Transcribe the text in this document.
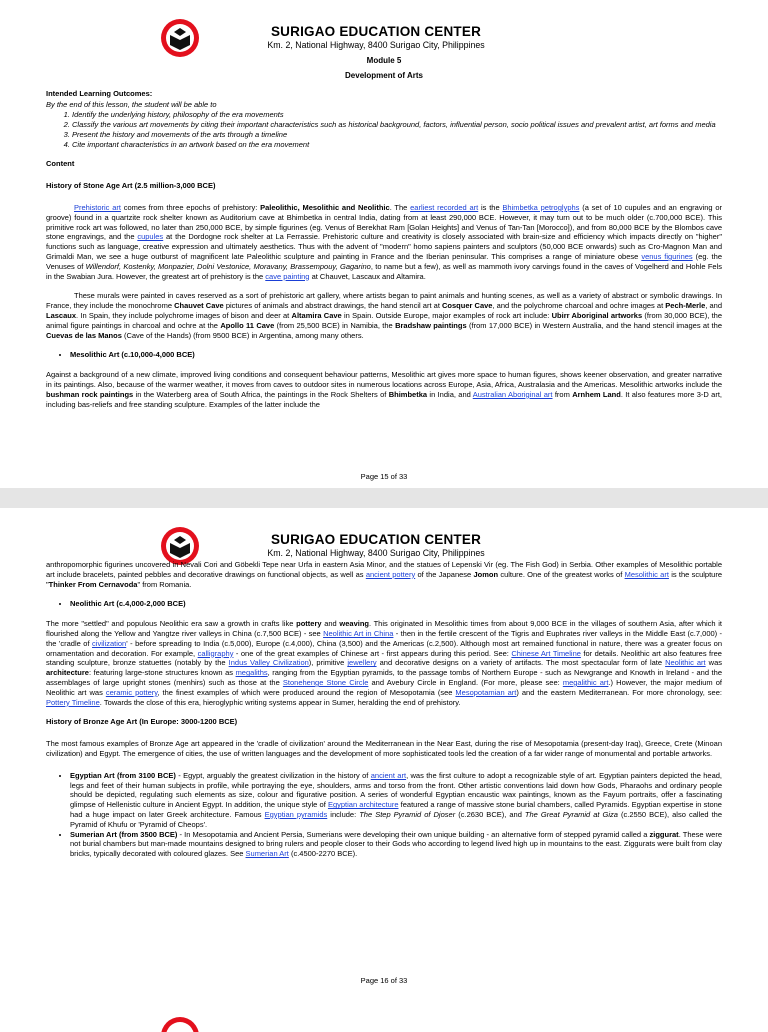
SURIGAO EDUCATION CENTER
Km. 2, National Highway, 8400 Surigao City, Philippines

Module 5

Development of Arts

Intended Learning Outcomes:

By the end of this lesson, the student will be able to

1. Identify the underlying history, philosophy of the era movements
2. Classify the various art movements by citing their important characteristics such as historical background, factors, influential person, socio political issues and prevalent artist, art forms and media
3. Present the history and movements of the arts through a timeline
4. Cite important characteristics in an artwork based on the era movement

Content

History of Stone Age Art (2.5 million-3,000 BCE)

Prehistoric art comes from three epochs of prehistory: Paleolithic, Mesolithic and Neolithic. The earliest recorded art is the Bhimbetka petroglyphs (a set of 10 cupules and an engraving or groove) found in a quartzite rock shelter known as Auditorium cave at Bhimbetka in central India, dating from at least 290,000 BCE. However, it may turn out to be much older (c.700,000 BCE). This primitive rock art was followed, no later than 250,000 BCE, by simple figurines (eg. Venus of Berekhat Ram [Golan Heights] and Venus of Tan-Tan [Morocco]), and from 80,000 BCE by the Blombos cave stone engravings, and the cupules at the Dordogne rock shelter at La Ferrassie. Prehistoric culture and creativity is closely associated with brain-size and efficiency which impacts directly on "higher" functions such as language, creative expression and ultimately aesthetics. Thus with the advent of "modern" homo sapiens painters and sculptors (50,000 BCE onwards) such as Cro-Magnon Man and Grimaldi Man, we see a huge outburst of magnificent late Paleolithic sculpture and painting in France and the Iberian peninsular. This comprises a range of miniature obese venus figurines (eg. the Venuses of Willendorf, Kostenky, Monpazier, Dolni Vestonice, Moravany, Brassempouy, Gagarino, to name but a few), as well as mammoth ivory carvings found in the caves of Vogelherd and Hohle Fels in the Swabian Jura. However, the greatest art of prehistory is the cave painting at Chauvet, Lascaux and Altamira.

These murals were painted in caves reserved as a sort of prehistoric art gallery, where artists began to paint animals and hunting scenes, as well as a variety of abstract or symbolic drawings. In France, they include the monochrome Chauvet Cave pictures of animals and abstract drawings, the hand stencil art at Cosquer Cave, and the polychrome charcoal and ochre images at Pech-Merle, and Lascaux. In Spain, they include polychrome images of bison and deer at Altamira Cave in Spain. Outside Europe, major examples of rock art include: Ubirr Aboriginal artworks (from 30,000 BCE), the animal figure paintings in charcoal and ochre at the Apollo 11 Cave (from 25,500 BCE) in Namibia, the Bradshaw paintings (from 17,000 BCE) in Western Australia, and the hand stencil images at the Cuevas de las Manos (Cave of the Hands) (from 9500 BCE) in Argentina, among many others.

• Mesolithic Art (c.10,000-4,000 BCE)

Against a background of a new climate, improved living conditions and consequent behaviour patterns, Mesolithic art gives more space to human figures, shows keener observation, and greater narrative in its paintings. Also, because of the warmer weather, it moves from caves to outdoor sites in numerous locations across Europe, Asia, Africa, Australasia and the Americas. Mesolithic artworks include the bushman rock paintings in the Waterberg area of South Africa, the paintings in the Rock Shelters of Bhimbetka in India, and Australian Aboriginal art from Arnhem Land. It also features more 3-D art, including bas-reliefs and free standing sculpture. Examples of the latter include the

Page 15 of 33
SURIGAO EDUCATION CENTER
Km. 2, National Highway, 8400 Surigao City, Philippines

anthropomorphic figurines uncovered in Nevali Cori and Göbekli Tepe near Urfa in eastern Asia Minor, and the statues of Lepenski Vir (eg. The Fish God) in Serbia. Other examples of Mesolithic portable art include bracelets, painted pebbles and decorative drawings on functional objects, as well as ancient pottery of the Japanese Jomon culture. One of the greatest works of Mesolithic art is the sculpture "Thinker From Cernavoda" from Romania.

• Neolithic Art (c.4,000-2,000 BCE)

The more "settled" and populous Neolithic era saw a growth in crafts like pottery and weaving. This originated in Mesolithic times from about 9,000 BCE in the villages of southern Asia, after which it flourished along the Yellow and Yangtze river valleys in China (c.7,500 BCE) - see Neolithic Art in China - then in the fertile crescent of the Tigris and Euphrates river valleys in the Middle East (c.7,000) - the 'cradle of civilization' - before spreading to India (c.5,000), Europe (c.4,000), China (3,500) and the Americas (c.2,500). Although most art remained functional in nature, there was a greater focus on ornamentation and decoration. For example, calligraphy - one of the great examples of Chinese art - first appears during this period. See: Chinese Art Timeline for details. Neolithic art also features free standing sculpture, bronze statuettes (notably by the Indus Valley Civilization), primitive jewellery and decorative designs on a variety of artifacts. The most spectacular form of late Neolithic art was architecture: featuring large-stone structures known as megaliths, ranging from the Egyptian pyramids, to the passage tombs of Northern Europe - such as Newgrange and Knowth in Ireland - and the assemblages of large upright stones (menhirs) such as those at the Stonehenge Stone Circle and Avebury Circle in England. (For more, please see: megalithic art.) However, the major medium of Neolithic art was ceramic pottery, the finest examples of which were produced around the region of Mesopotamia (see Mesopotamian art) and the eastern Mediterranean. For more chronology, see: Pottery Timeline. Towards the close of this era, hieroglyphic writing systems appear in Sumer, heralding the end of prehistory.

History of Bronze Age Art (In Europe: 3000-1200 BCE)

The most famous examples of Bronze Age art appeared in the 'cradle of civilization' around the Mediterranean in the Near East, during the rise of Mesopotamia (present-day Iraq), Greece, Crete (Minoan civilization) and Egypt. The emergence of cities, the use of written languages and the development of more sophisticated tools led the creation of a far wider range of monumental and portable artworks.

• Egyptian Art (from 3100 BCE) - Egypt, arguably the greatest civilization in the history of ancient art, was the first culture to adopt a recognizable style of art. Egyptian painters depicted the head, legs and feet of their human subjects in profile, while portraying the eye, shoulders, arms and torso from the front. Other artistic conventions laid down how Gods, Pharaohs and ordinary people should be depicted, regulating such elements as size, colour and figurative position. A series of wonderful Egyptian encaustic wax paintings, known as the Fayum portraits, offer a fascinating glimpse of Hellenistic culture in Ancient Egypt. In addition, the unique style of Egyptian architecture featured a range of massive stone burial chambers, called Pyramids. Egyptian expertise in stone had a huge impact on later Greek architecture. Famous Egyptian pyramids include: The Step Pyramid of Djoser (c.2630 BCE), and The Great Pyramid at Giza (c.2550 BCE), also called the Pyramid of Khufu or 'Pyramid of Cheops'.
• Sumerian Art (from 3500 BCE) - In Mesopotamia and Ancient Persia, Sumerians were developing their own unique building - an alternative form of stepped pyramid called a ziggurat. These were not burial chambers but man-made mountains designed to bring rulers and people closer to their Gods who according to legend lived high up in mountains to the east. Ziggurats were built from clay bricks, typically decorated with coloured glazes. See Sumerian Art (c.4500-2270 BCE).
Page 16 of 33
